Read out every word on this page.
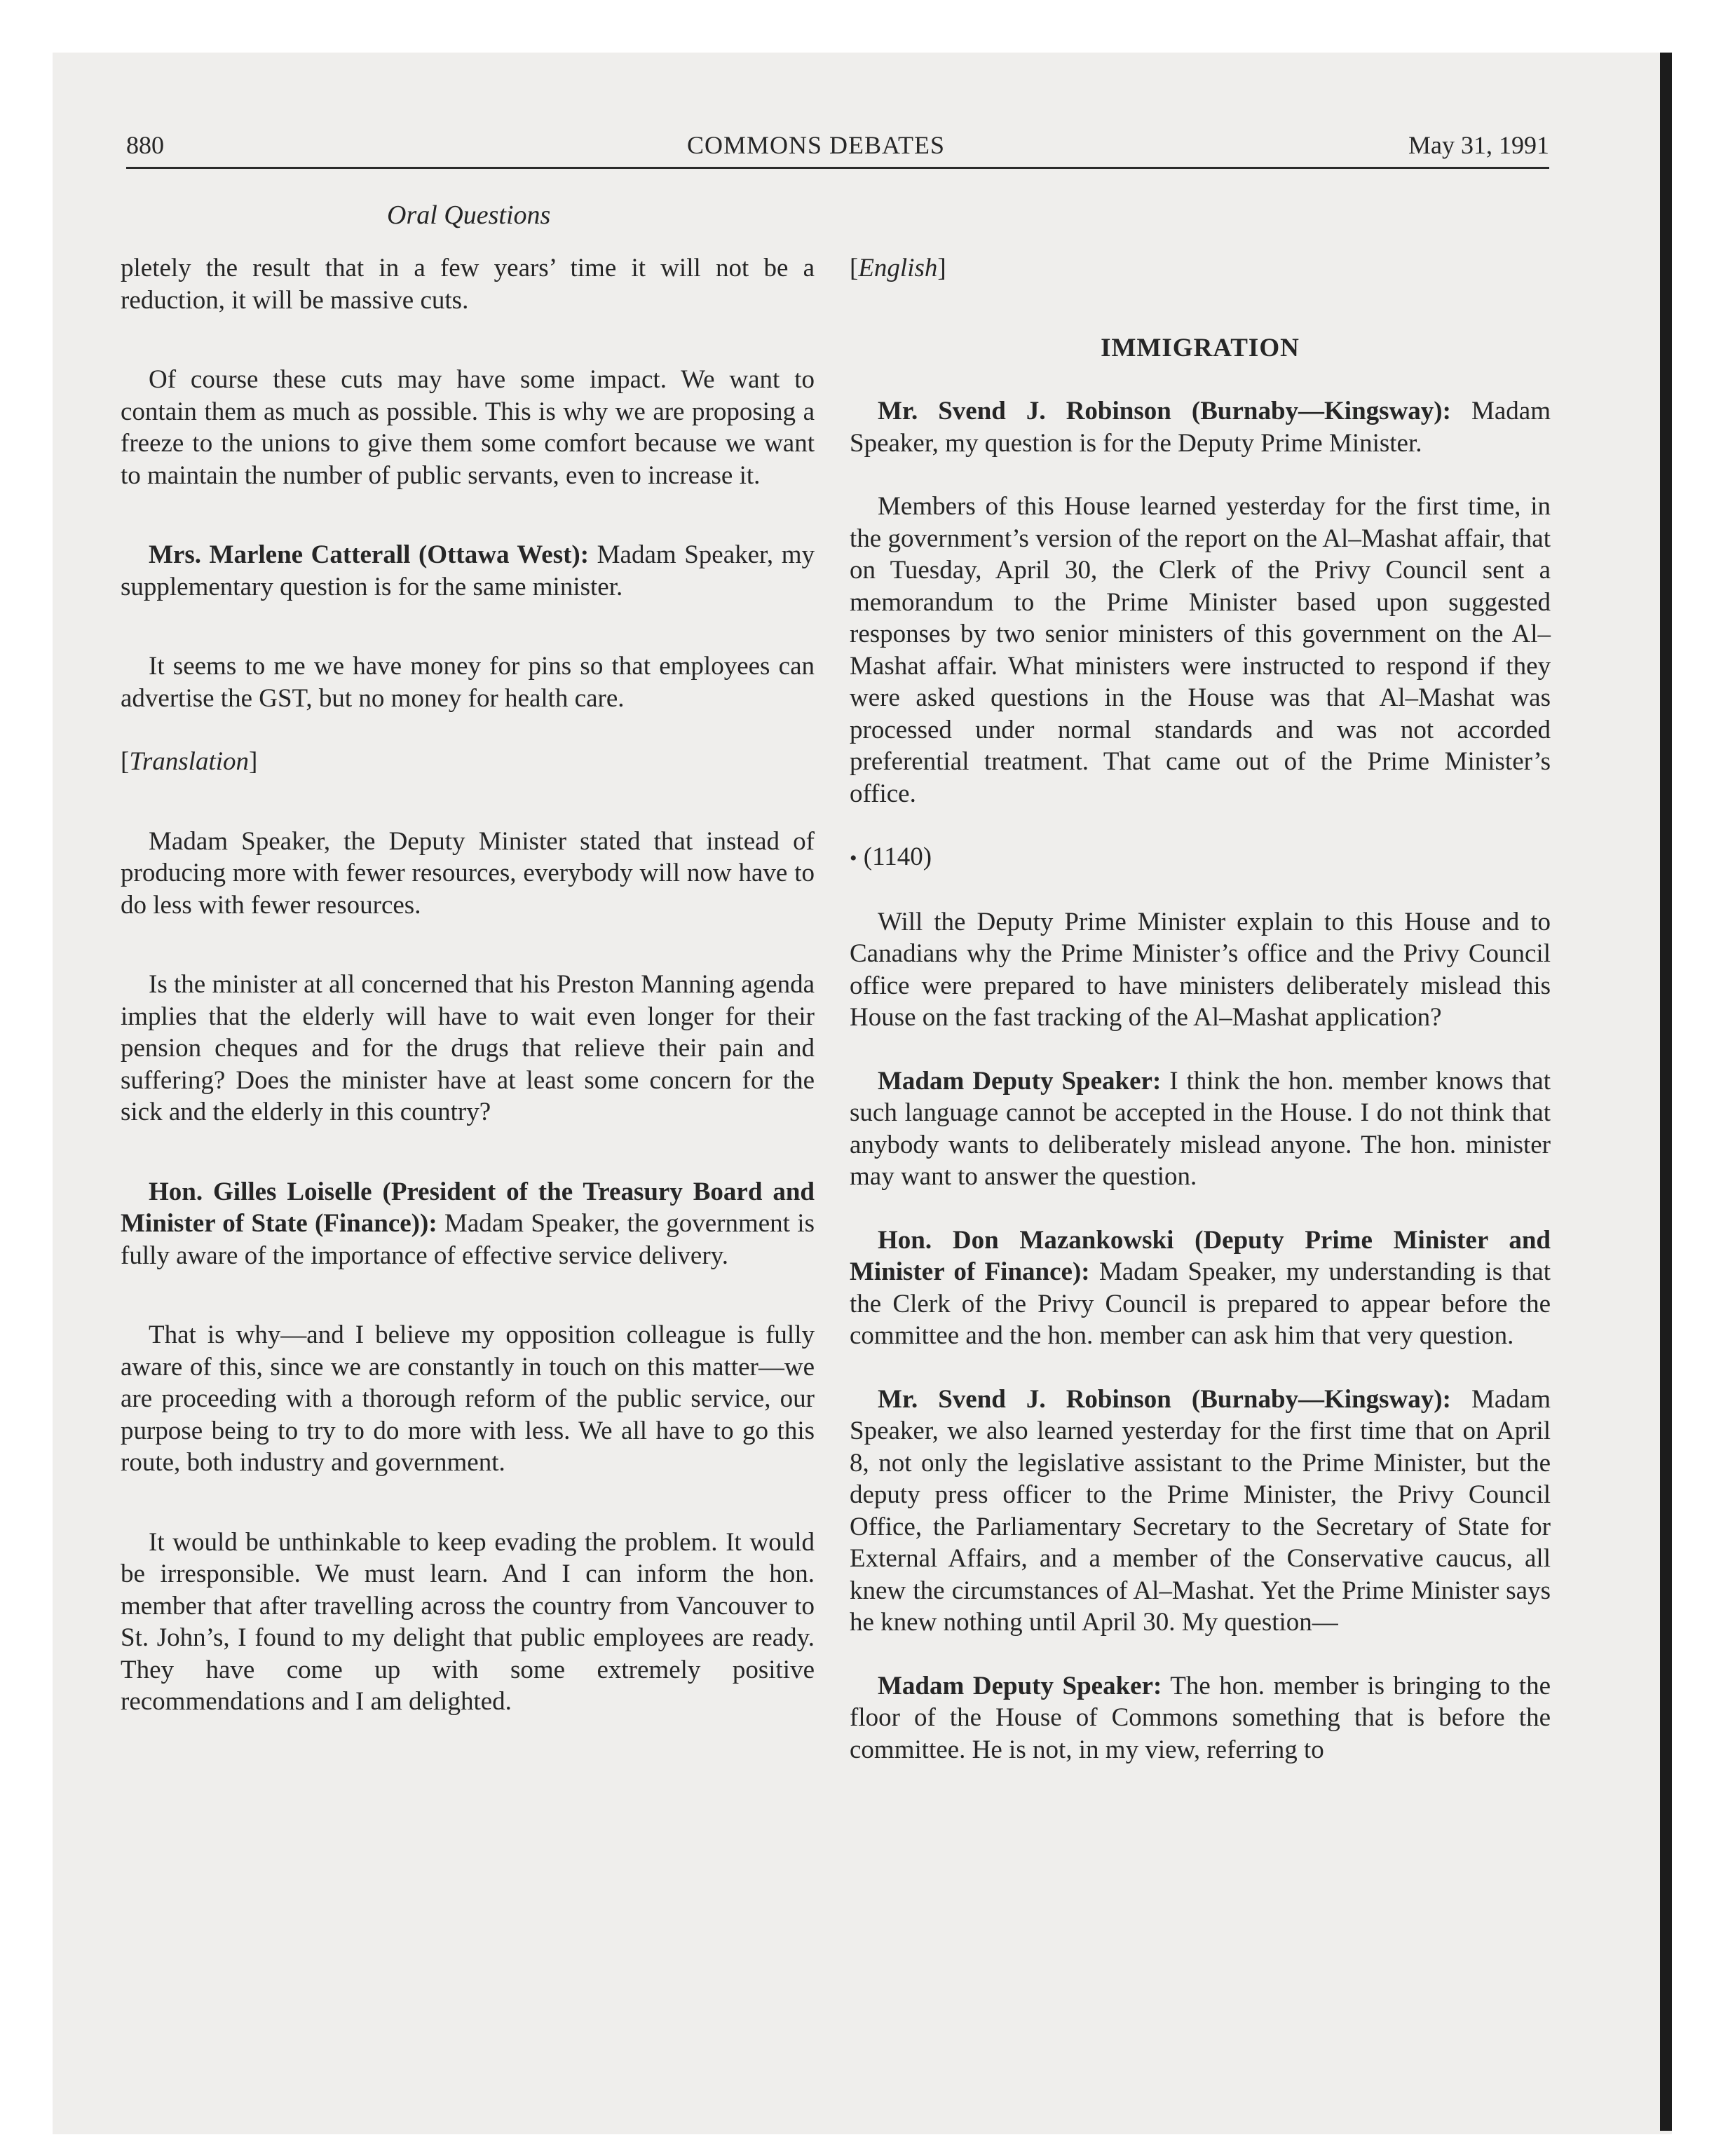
880	COMMONS DEBATES	May 31, 1991
Oral Questions

pletely the result that in a few years’ time it will not be a reduction, it will be massive cuts.

Of course these cuts may have some impact. We want to contain them as much as possible. This is why we are proposing a freeze to the unions to give them some comfort because we want to maintain the number of public servants, even to increase it.

Mrs. Marlene Catterall (Ottawa West): Madam Speaker, my supplementary question is for the same minister.

It seems to me we have money for pins so that employees can advertise the GST, but no money for health care.

[Translation]

Madam Speaker, the Deputy Minister stated that instead of producing more with fewer resources, everybody will now have to do less with fewer resources.

Is the minister at all concerned that his Preston Manning agenda implies that the elderly will have to wait even longer for their pension cheques and for the drugs that relieve their pain and suffering? Does the minister have at least some concern for the sick and the elderly in this country?

Hon. Gilles Loiselle (President of the Treasury Board and Minister of State (Finance)): Madam Speaker, the government is fully aware of the importance of effective service delivery.

That is why—and I believe my opposition colleague is fully aware of this, since we are constantly in touch on this matter—we are proceeding with a thorough reform of the public service, our purpose being to try to do more with less. We all have to go this route, both industry and government.

It would be unthinkable to keep evading the problem. It would be irresponsible. We must learn. And I can inform the hon. member that after travelling across the country from Vancouver to St. John’s, I found to my delight that public employees are ready. They have come up with some extremely positive recommendations and I am delighted.

[English]

IMMIGRATION

Mr. Svend J. Robinson (Burnaby—Kingsway): Madam Speaker, my question is for the Deputy Prime Minister.

Members of this House learned yesterday for the first time, in the government’s version of the report on the Al–Mashat affair, that on Tuesday, April 30, the Clerk of the Privy Council sent a memorandum to the Prime Minister based upon suggested responses by two senior ministers of this government on the Al–Mashat affair. What ministers were instructed to respond if they were asked questions in the House was that Al–Mashat was processed under normal standards and was not accorded preferential treatment. That came out of the Prime Minister’s office.

• (1140)

Will the Deputy Prime Minister explain to this House and to Canadians why the Prime Minister’s office and the Privy Council office were prepared to have ministers deliberately mislead this House on the fast tracking of the Al–Mashat application?

Madam Deputy Speaker: I think the hon. member knows that such language cannot be accepted in the House. I do not think that anybody wants to deliberately mislead anyone. The hon. minister may want to answer the question.

Hon. Don Mazankowski (Deputy Prime Minister and Minister of Finance): Madam Speaker, my understanding is that the Clerk of the Privy Council is prepared to appear before the committee and the hon. member can ask him that very question.

Mr. Svend J. Robinson (Burnaby—Kingsway): Madam Speaker, we also learned yesterday for the first time that on April 8, not only the legislative assistant to the Prime Minister, but the deputy press officer to the Prime Minister, the Privy Council Office, the Parliamentary Secretary to the Secretary of State for External Affairs, and a member of the Conservative caucus, all knew the circumstances of Al–Mashat. Yet the Prime Minister says he knew nothing until April 30. My question—

Madam Deputy Speaker: The hon. member is bringing to the floor of the House of Commons something that is before the committee. He is not, in my view, referring to
